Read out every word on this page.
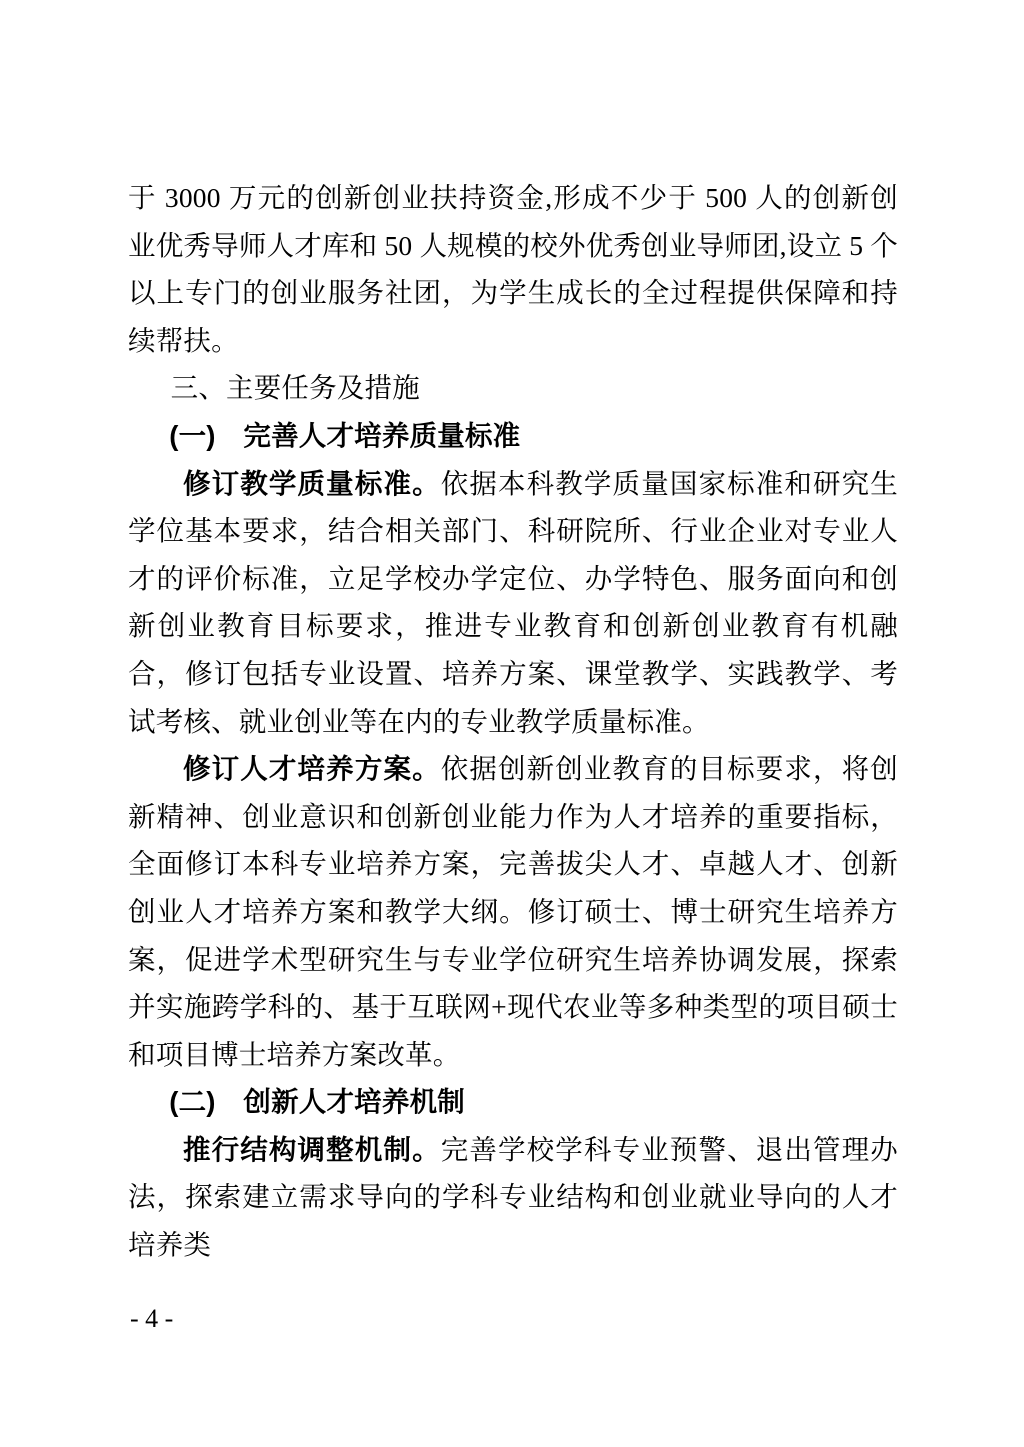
于 3000 万元的创新创业扶持资金,形成不少于 500 人的创新创业优秀导师人才库和 50 人规模的校外优秀创业导师团,设立 5 个以上专门的创业服务社团，为学生成长的全过程提供保障和持续帮扶。

三、主要任务及措施

(一)　完善人才培养质量标准

修订教学质量标准。依据本科教学质量国家标准和研究生学位基本要求，结合相关部门、科研院所、行业企业对专业人才的评价标准，立足学校办学定位、办学特色、服务面向和创新创业教育目标要求，推进专业教育和创新创业教育有机融合，修订包括专业设置、培养方案、课堂教学、实践教学、考试考核、就业创业等在内的专业教学质量标准。

修订人才培养方案。依据创新创业教育的目标要求，将创新精神、创业意识和创新创业能力作为人才培养的重要指标，全面修订本科专业培养方案，完善拔尖人才、卓越人才、创新创业人才培养方案和教学大纲。修订硕士、博士研究生培养方案，促进学术型研究生与专业学位研究生培养协调发展，探索并实施跨学科的、基于互联网+现代农业等多种类型的项目硕士和项目博士培养方案改革。

(二)　创新人才培养机制

推行结构调整机制。完善学校学科专业预警、退出管理办法，探索建立需求导向的学科专业结构和创业就业导向的人才培养类

- 4 -
